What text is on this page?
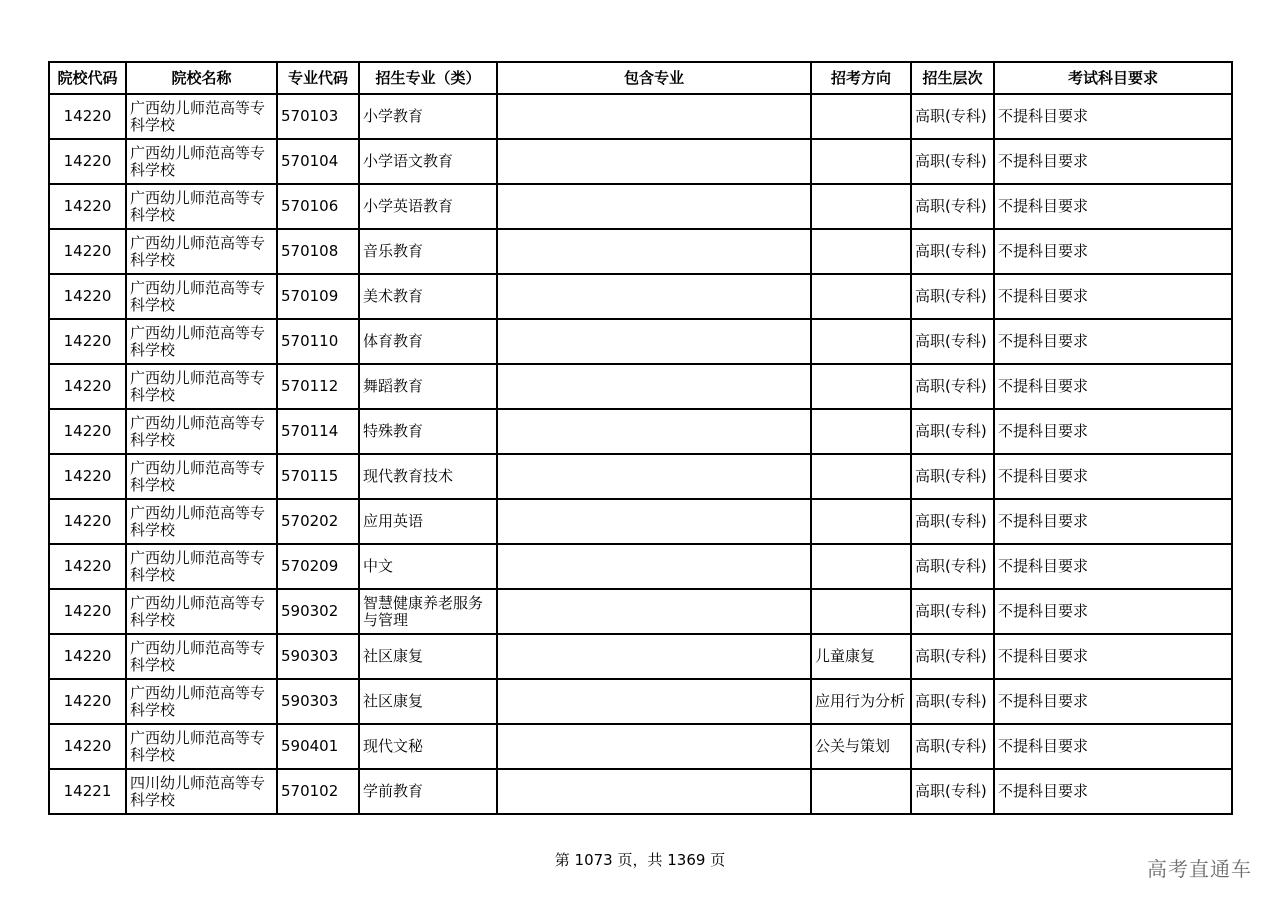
院校代码	院校名称	专业代码	招生专业（类）	包含专业	招考方向	招生层次	考试科目要求
14220	广西幼儿师范高等专科学校	570103	小学教育			高职(专科)	不提科目要求
14220	广西幼儿师范高等专科学校	570104	小学语文教育			高职(专科)	不提科目要求
14220	广西幼儿师范高等专科学校	570106	小学英语教育			高职(专科)	不提科目要求
14220	广西幼儿师范高等专科学校	570108	音乐教育			高职(专科)	不提科目要求
14220	广西幼儿师范高等专科学校	570109	美术教育			高职(专科)	不提科目要求
14220	广西幼儿师范高等专科学校	570110	体育教育			高职(专科)	不提科目要求
14220	广西幼儿师范高等专科学校	570112	舞蹈教育			高职(专科)	不提科目要求
14220	广西幼儿师范高等专科学校	570114	特殊教育			高职(专科)	不提科目要求
14220	广西幼儿师范高等专科学校	570115	现代教育技术			高职(专科)	不提科目要求
14220	广西幼儿师范高等专科学校	570202	应用英语			高职(专科)	不提科目要求
14220	广西幼儿师范高等专科学校	570209	中文			高职(专科)	不提科目要求
14220	广西幼儿师范高等专科学校	590302	智慧健康养老服务与管理			高职(专科)	不提科目要求
14220	广西幼儿师范高等专科学校	590303	社区康复		儿童康复	高职(专科)	不提科目要求
14220	广西幼儿师范高等专科学校	590303	社区康复		应用行为分析	高职(专科)	不提科目要求
14220	广西幼儿师范高等专科学校	590401	现代文秘		公关与策划	高职(专科)	不提科目要求
14221	四川幼儿师范高等专科学校	570102	学前教育			高职(专科)	不提科目要求
第 1073 页，共 1369 页	高考直通车
